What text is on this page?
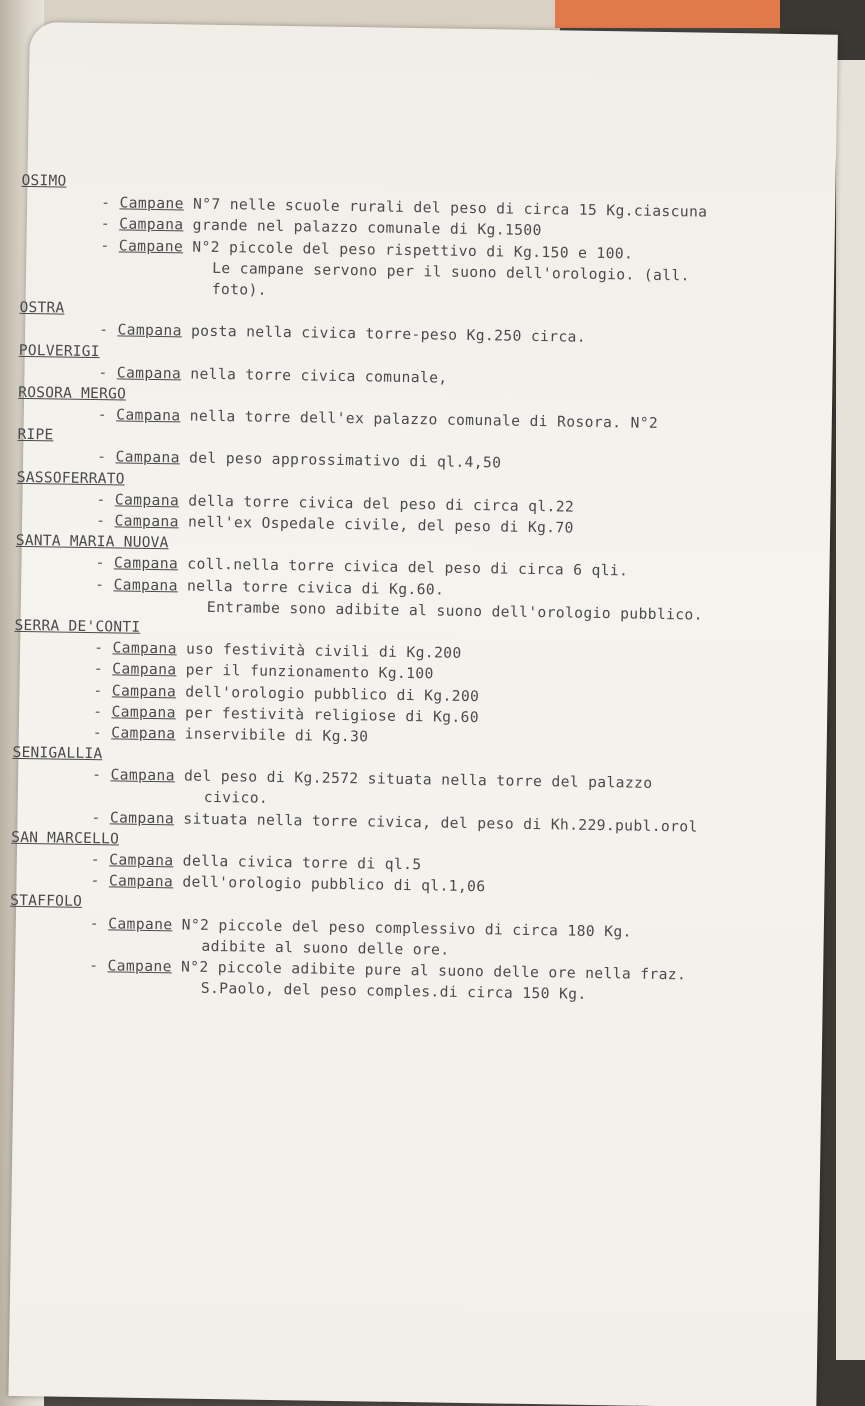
OSIMO
- Campane N°7 nelle scuole rurali del peso di circa 15 Kg.ciascuna
- Campana grande nel palazzo comunale di Kg.1500
- Campane N°2 piccole del peso rispettivo di Kg.150 e 100.
Le campane servono per il suono dell'orologio. (all.
foto).
OSTRA
- Campana posta nella civica torre-peso Kg.250 circa.
POLVERIGI
- Campana nella torre civica comunale,
ROSORA MERGO
- Campana nella torre dell'ex palazzo comunale di Rosora. N°2
RIPE
- Campana del peso approssimativo di ql.4,50
SASSOFERRATO
- Campana della torre civica del peso di circa ql.22
- Campana nell'ex Ospedale civile, del peso di Kg.70
SANTA MARIA NUOVA
- Campana coll.nella torre civica del peso di circa 6 qli.
- Campana nella torre civica di Kg.60.
Entrambe sono adibite al suono dell'orologio pubblico.
SERRA DE'CONTI
- Campana uso festività civili di Kg.200
- Campana per il funzionamento Kg.100
- Campana dell'orologio pubblico di Kg.200
- Campana per festività religiose di Kg.60
- Campana inservibile di Kg.30
SENIGALLIA
- Campana del peso di Kg.2572 situata nella torre del palazzo
civico.
- Campana situata nella torre civica, del peso di Kh.229.publ.orol
SAN MARCELLO
- Campana della civica torre di ql.5
- Campana dell'orologio pubblico di ql.1,06
STAFFOLO
- Campane N°2 piccole del peso complessivo di circa 180 Kg.
adibite al suono delle ore.
- Campane N°2 piccole adibite pure al suono delle ore nella fraz.
S.Paolo, del peso comples.di circa 150 Kg.
